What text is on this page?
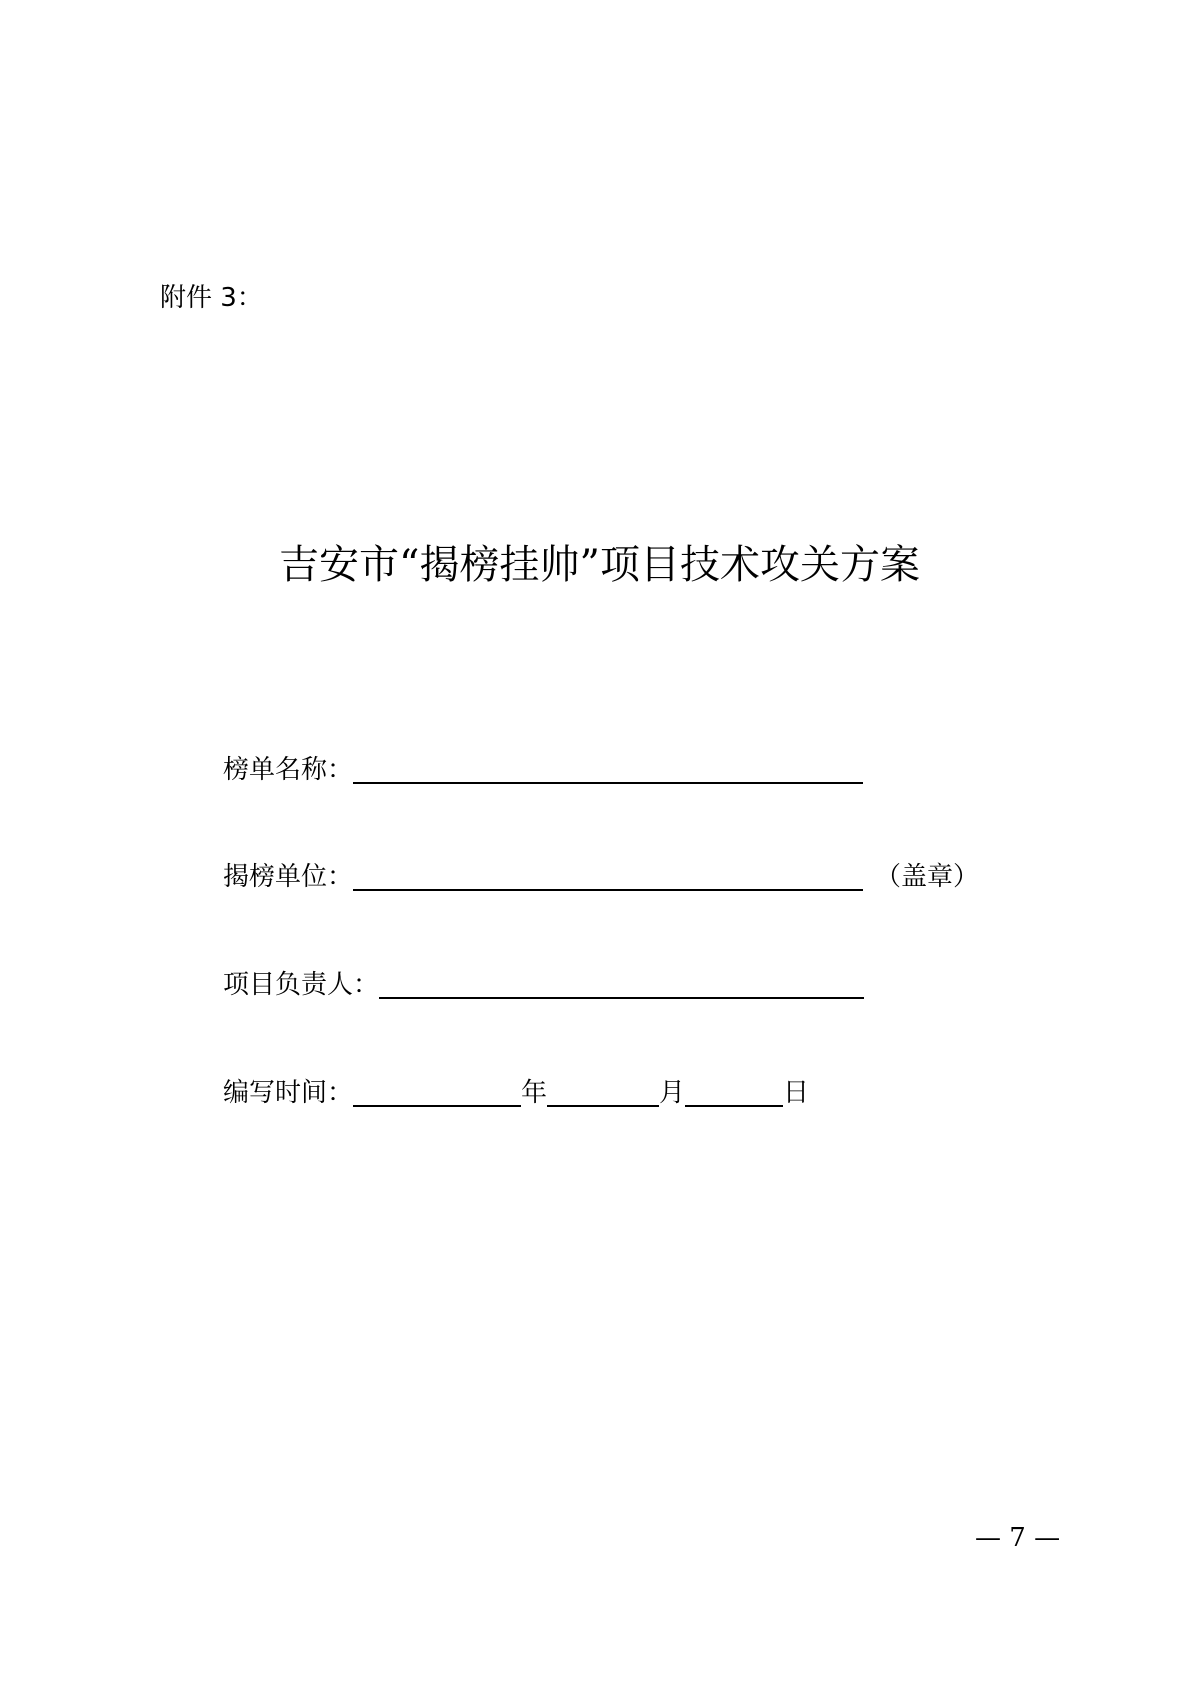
附件 3：
吉安市“揭榜挂帅”项目技术攻关方案
榜单名称：
揭榜单位：	（盖章）
项目负责人：
编写时间：	年	月	日
— 7 —
